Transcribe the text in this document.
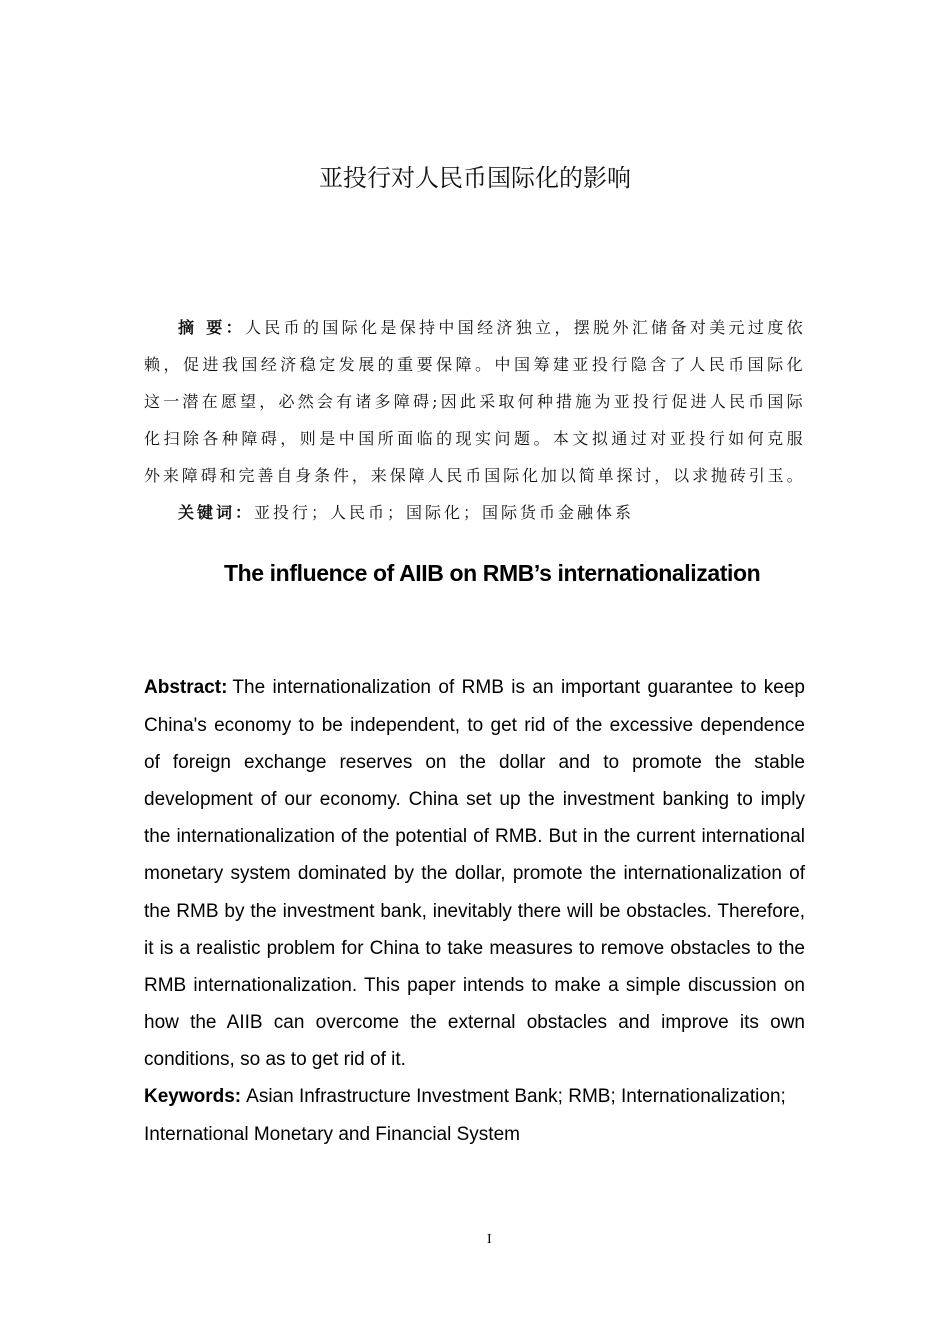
亚投行对人民币国际化的影响
摘 要：人民币的国际化是保持中国经济独立，摆脱外汇储备对美元过度依
赖，促进我国经济稳定发展的重要保障。中国筹建亚投行隐含了人民币国际化
这一潜在愿望，必然会有诸多障碍;因此采取何种措施为亚投行促进人民币国际
化扫除各种障碍，则是中国所面临的现实问题。本文拟通过对亚投行如何克服
外来障碍和完善自身条件，来保障人民币国际化加以简单探讨，以求抛砖引玉。
关键词：亚投行；人民币；国际化；国际货币金融体系
The influence of AIIB on RMB’s internationalization
Abstract: The internationalization of RMB is an important guarantee to keep
China's economy to be independent, to get rid of the excessive dependence
of foreign exchange reserves on the dollar and to promote the stable
development of our economy. China set up the investment banking to imply
the internationalization of the potential of RMB. But in the current international
monetary system dominated by the dollar, promote the internationalization of
the RMB by the investment bank, inevitably there will be obstacles. Therefore,
it is a realistic problem for China to take measures to remove obstacles to the
RMB internationalization. This paper intends to make a simple discussion on
how the AIIB can overcome the external obstacles and improve its own
conditions, so as to get rid of it.
Keywords: Asian Infrastructure Investment Bank; RMB; Internationalization;
International Monetary and Financial System
I
